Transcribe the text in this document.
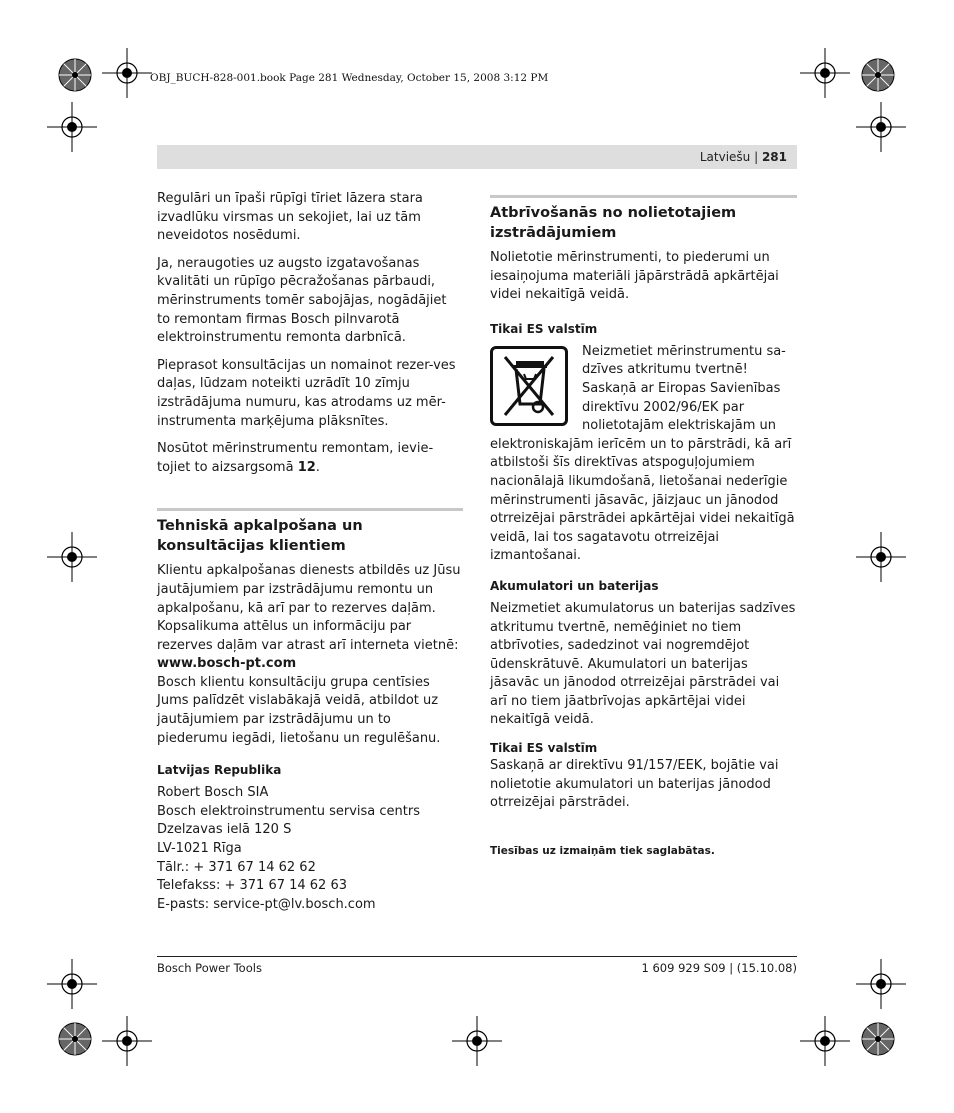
OBJ_BUCH-828-001.book Page 281 Wednesday, October 15, 2008 3:12 PM
Latviešu | 281

Regulāri un īpaši rūpīgi tīriet lāzera stara izvadlūku virsmas un sekojiet, lai uz tām neveidotos nosēdumi.

Ja, neraugoties uz augsto izgatavošanas kvalitāti un rūpīgo pēcražošanas pārbaudi, mērinstruments tomēr sabojājas, nogādājiet to remontam firmas Bosch pilnvarotā elektroinstrumentu remonta darbnīcā.

Pieprasot konsultācijas un nomainot rezer-ves daļas, lūdzam noteikti uzrādīt 10 zīmju izstrādājuma numuru, kas atrodams uz mēr-instrumenta marķējuma plāksnītes.

Nosūtot mērinstrumentu remontam, ievie-tojiet to aizsargsomā 12.

Tehniskā apkalpošana un konsultācijas klientiem

Klientu apkalpošanas dienests atbildēs uz Jūsu jautājumiem par izstrādājumu remontu un apkalpošanu, kā arī par to rezerves daļām. Kopsalikuma attēlus un informāciju par rezerves daļām var atrast arī interneta vietnē:

www.bosch-pt.com

Bosch klientu konsultāciju grupa centīsies Jums palīdzēt vislabākajā veidā, atbildot uz jautājumiem par izstrādājumu un to piederumu iegādi, lietošanu un regulēšanu.

Latvijas Republika
Robert Bosch SIA
Bosch elektroinstrumentu servisa centrs
Dzelzavas ielā 120 S
LV-1021 Rīga
Tālr.: + 371 67 14 62 62
Telefakss: + 371 67 14 62 63
E-pasts: service-pt@lv.bosch.com
Atbrīvošanās no nolietotajiem izstrādājumiem

Nolietotie mērinstrumenti, to piederumi un iesaiņojuma materiāli jāpārstrādā apkārtējai videi nekaitīgā veidā.

Tikai ES valstīm

Neizmetiet mērinstrumentu sa-dzīves atkritumu tvertnē! Saskaņā ar Eiropas Savienības direktīvu 2002/96/EK par nolietotajām elektriskajām un elektroniskajām ierīcēm un to pārstrādi, kā arī atbilstoši šīs direktīvas atspoguļojumiem nacionālajā likumdošanā, lietošanai nederīgie mērinstrumenti jāsavāc, jāizjauc un jānodod otrreizējai pārstrādei apkārtējai videi nekaitīgā veidā, lai tos sagatavotu otrreizējai izmantošanai.

Akumulatori un baterijas

Neizmetiet akumulatorus un baterijas sadzīves atkritumu tvertnē, nemēģiniet no tiem atbrīvoties, sadedzinot vai nogremdējot ūdenskrātuvē. Akumulatori un baterijas jāsavāc un jānodod otrreizējai pārstrādei vai arī no tiem jāatbrīvojas apkārtējai videi nekaitīgā veidā.

Tikai ES valstīm

Saskaņā ar direktīvu 91/157/EEK, bojātie vai nolietotie akumulatori un baterijas jānodod otrreizējai pārstrādei.

Tiesības uz izmaiņām tiek saglabātas.
Bosch Power Tools	1 609 929 S09 | (15.10.08)
